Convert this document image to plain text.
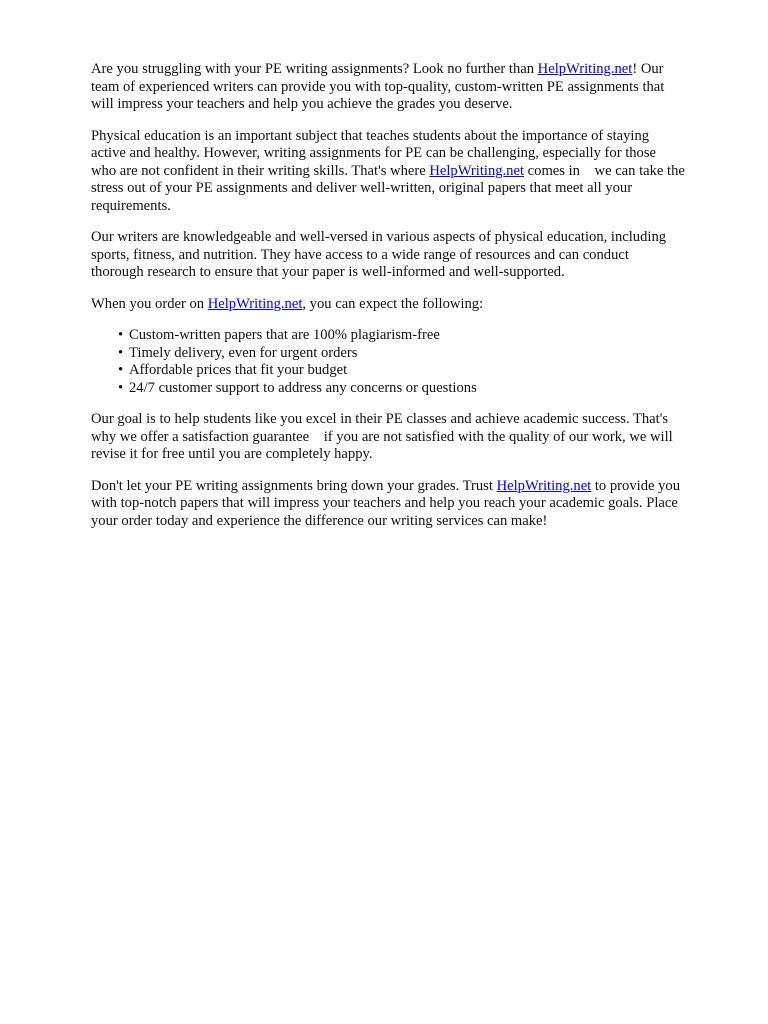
Are you struggling with your PE writing assignments? Look no further than HelpWriting.net! Our
team of experienced writers can provide you with top-quality, custom-written PE assignments that
will impress your teachers and help you achieve the grades you deserve.

Physical education is an important subject that teaches students about the importance of staying
active and healthy. However, writing assignments for PE can be challenging, especially for those
who are not confident in their writing skills. That's where HelpWriting.net comes in    we can take the
stress out of your PE assignments and deliver well-written, original papers that meet all your
requirements.

Our writers are knowledgeable and well-versed in various aspects of physical education, including
sports, fitness, and nutrition. They have access to a wide range of resources and can conduct
thorough research to ensure that your paper is well-informed and well-supported.

When you order on HelpWriting.net, you can expect the following:

• Custom-written papers that are 100% plagiarism-free
• Timely delivery, even for urgent orders
• Affordable prices that fit your budget
• 24/7 customer support to address any concerns or questions

Our goal is to help students like you excel in their PE classes and achieve academic success. That's
why we offer a satisfaction guarantee    if you are not satisfied with the quality of our work, we will
revise it for free until you are completely happy.

Don't let your PE writing assignments bring down your grades. Trust HelpWriting.net to provide you
with top-notch papers that will impress your teachers and help you reach your academic goals. Place
your order today and experience the difference our writing services can make!
